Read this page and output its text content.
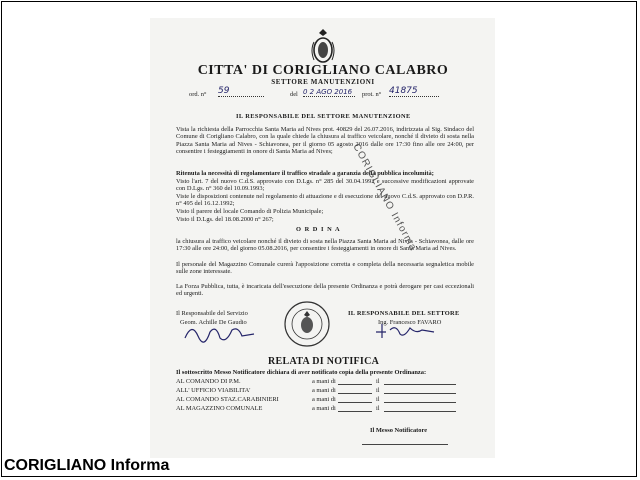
CITTA' DI CORIGLIANO CALABRO
SETTORE MANUTENZIONI
ord. n° 59	del 0 2 AGO 2016	prot. n° 41875
IL RESPONSABILE DEL SETTORE MANUTENZIONE
Vista la richiesta della Parrocchia Santa Maria ad Nives prot. 40829 del 26.07.2016, indirizzata al Sig. Sindaco del Comune di Corigliano Calabro, con la quale chiede la chiusura al traffico veicolare, nonché il divieto di sosta nella Piazza Santa Maria ad Nives - Schiavonea, per il giorno 05 agosto 2016 dalle ore 17:30 fino alle ore 24:00, per consentire i festeggiamenti in onore di Santa Maria ad Nives;
Ritenuta la necessità di regolamentare il traffico stradale a garanzia della pubblica incolumità;
Visto l'art. 7 del nuovo C.d.S. approvato con D.Lgs. n° 285 del 30.04.1992 e successive modificazioni approvate con D.Lgs. n° 360 del 10.09.1993;
Viste le disposizioni contenute nel regolamento di attuazione e di esecuzione del nuovo C.d.S. approvato con D.P.R. n° 495 del 16.12.1992;
Visto il parere del locale Comando di Polizia Municipale;
Visto il D.Lgs. del 18.08.2000 n° 267;
O R D I N A
la chiusura al traffico veicolare nonché il divieto di sosta nella Piazza Santa Maria ad Nives - Schiavonea, dalle ore 17:30 alle ore 24:00, del giorno 05.08.2016, per consentire i festeggiamenti in onore di Santa Maria ad Nives.
Il personale del Magazzino Comunale curerà l'apposizione corretta e completa della necessaria segnaletica mobile sulle zone interessate.
La Forza Pubblica, tutta, è incaricata dell'esecuzione della presente Ordinanza e potrà derogare per casi eccezionali ed urgenti.
CORIGLIANO Informa
Il Responsabile del Servizio
Geom. Achille De Gaudio
IL RESPONSABILE DEL SETTORE
Ing. Francesco FAVARO
RELATA DI NOTIFICA
Il sottoscritto Messo Notificatore dichiara di aver notificato copia della presente Ordinanza:
AL COMANDO DI P.M.	a mani di	il
ALL' UFFICIO VIABILITA'	a mani di	il
AL COMANDO STAZ.CARABINIERI	a mani di	il
AL MAGAZZINO COMUNALE	a mani di	il
Il Messo Notificatore
CORIGLIANO Informa
